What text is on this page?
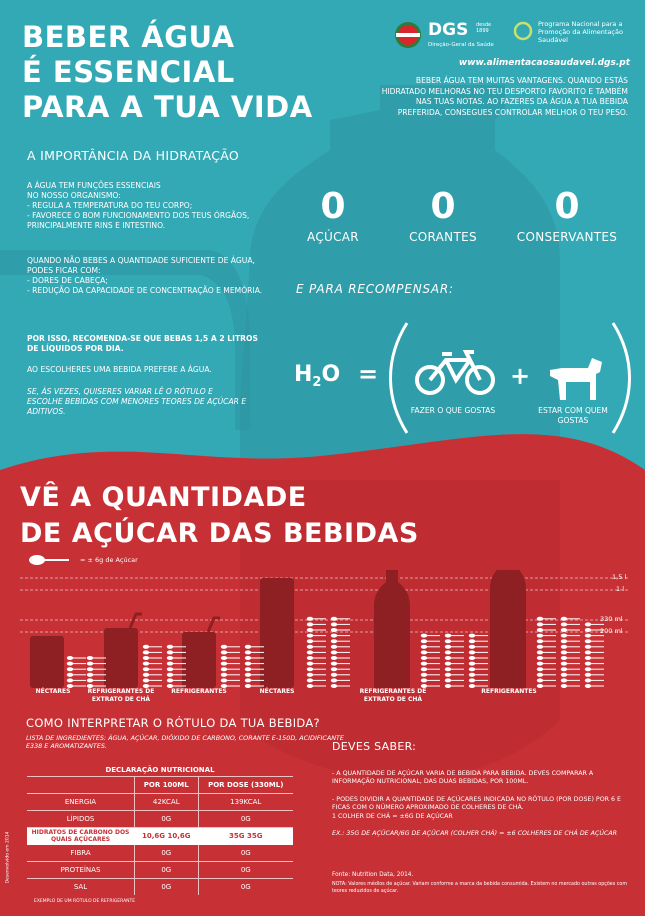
BEBER ÁGUA
É ESSENCIAL
PARA A TUA VIDA
DGS desde 1899
Direção-Geral da Saúde
Programa Nacional para a Promoção da Alimentação Saudável
www.alimentacaosaudavel.dgs.pt
BEBER ÁGUA TEM MUITAS VANTAGENS. QUANDO ESTÁS HIDRATADO MELHORAS NO TEU DESPORTO FAVORITO E TAMBÉM NAS TUAS NOTAS. AO FAZERES DA ÁGUA A TUA BEBIDA PREFERIDA, CONSEGUES CONTROLAR MELHOR O TEU PESO.
A IMPORTÂNCIA DA HIDRATAÇÃO
A ÁGUA TEM FUNÇÕES ESSENCIAIS
NO NOSSO ORGANISMO:
- REGULA A TEMPERATURA DO TEU CORPO;
- FAVORECE O BOM FUNCIONAMENTO DOS TEUS ÓRGÃOS, PRINCIPALMENTE RINS E INTESTINO.
QUANDO NÃO BEBES A QUANTIDADE SUFICIENTE DE ÁGUA, PODES FICAR COM:
- DORES DE CABEÇA;
- REDUÇÃO DA CAPACIDADE DE CONCENTRAÇÃO E MEMÓRIA.
POR ISSO, RECOMENDA-SE QUE BEBAS 1,5 A 2 LITROS DE LÍQUIDOS POR DIA.
AO ESCOLHERES UMA BEBIDA PREFERE A ÁGUA.
SE, ÀS VEZES, QUISERES VARIAR LÊ O RÓTULO E ESCOLHE BEBIDAS COM MENORES TEORES DE AÇÚCAR E ADITIVOS.
0
AÇÚCAR
0
CORANTES
0
CONSERVANTES
E PARA RECOMPENSAR:
$H_2O$ =	+
FAZER O QUE GOSTAS	ESTAR COM QUEM GOSTAS
VÊ A QUANTIDADE
DE AÇÚCAR DAS BEBIDAS
= ± 6g de Açúcar
NÉCTARES	REFRIGERANTES DE EXTRATO DE CHÁ
REFRIGERANTES	NÉCTARES	REFRIGERANTES DE EXTRATO DE CHÁ
REFRIGERANTES
1,5 l
1 l
330 ml
200 ml
COMO INTERPRETAR O RÓTULO DA TUA BEBIDA?
LISTA DE INGREDIENTES: ÁGUA, AÇÚCAR, DIÓXIDO DE CARBONO, CORANTE E-150D, ACIDIFICANTE E338 E AROMATIZANTES.
DECLARAÇÃO NUTRICIONAL		
	POR 100ML	POR DOSE (330ML)
ENERGIA	42KCAL	139KCAL
LÍPIDOS	0G	0G
HIDRATOS DE CARBONO DOS QUAIS AÇÚCARES	10,6G 10,6G	35G 35G
FIBRA	0G	0G
PROTEÍNAS	0G	0G
SAL	0G	0G
EXEMPLO DE UM RÓTULO DE REFRIGERANTE
Desenvolvido em 2014
DEVES SABER:
- A QUANTIDADE DE AÇÚCAR VARIA DE BEBIDA PARA BEBIDA. DEVES COMPARAR A INFORMAÇÃO NUTRICIONAL, DAS DUAS BEBIDAS, POR 100ML.
- PODES DIVIDIR A QUANTIDADE DE AÇÚCARES INDICADA NO RÓTULO (POR DOSE) POR 6 E FICAS COM O NÚMERO APROXIMADO DE COLHERES DE CHÁ.
1 COLHER DE CHÁ = ±6G DE AÇÚCAR
EX.: 35G DE AÇÚCAR/6G DE AÇÚCAR (COLHER CHÁ) = ±6 COLHERES DE CHÁ DE AÇÚCAR
Fonte: Nutrition Data, 2014.
NOTA: Valores médios de açúcar. Variam conforme a marca da bebida consumida. Existem no mercado outras opções com teores reduzidos de açúcar.
